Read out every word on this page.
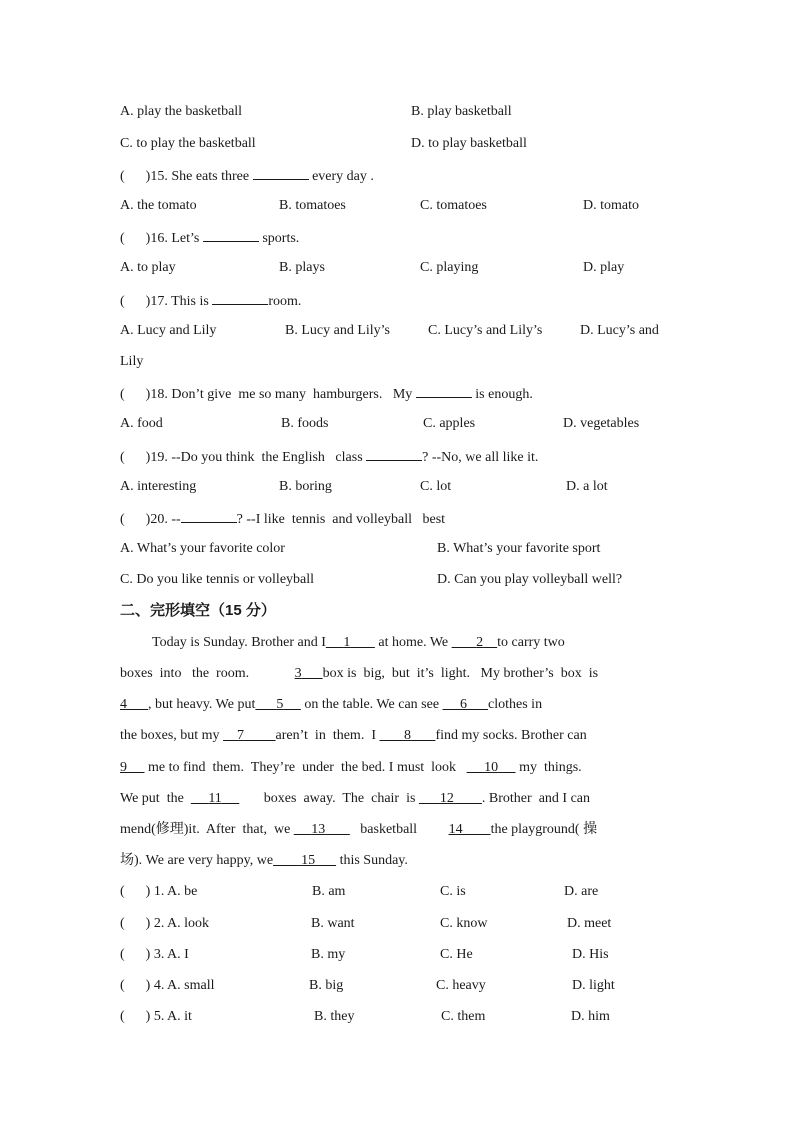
A. play the basketball	B. play basketball
C. to play the basketball	D. to play basketball
(      )15. She eats three	every day .
A. the tomato	B. tomatoes	C. tomatoes	D. tomato
(      )16. Let’s	sports.
A. to play	B. plays	C. playing	D. play
(      )17. This is	room.
A. Lucy and Lily	B. Lucy and Lily’s	C. Lucy’s and Lily’s	D. Lucy’s and
Lily
(      )18. Don’t give  me so many  hamburgers.   My	is enough.
A. food	B. foods	C. apples	D. vegetables
(      )19. --Do you think  the English   class	? --No, we all like it.
A. interesting	B. boring	C. lot	D. a lot
(      )20. --	? --I like  tennis  and volleyball   best
A. What’s your favorite color	B. What’s your favorite sport
C. Do you like tennis or volleyball	D. Can you play volleyball well?
二、完形填空（15 分）
Today is Sunday. Brother and I 1 at home. We 2 to carry two
boxes  into   the  room.	3 box is  big,  but  it’s  light.   My brother’s  box  is
4 , but heavy. We put 5 on the table. We can see 6 clothes in
the boxes, but my 7 aren’t  in  them.  I 8 find my socks. Brother can
9 me to find  them.  They’re  under  the bed. I must  look 10 my  things.
We put  the 11	boxes  away.  The  chair  is 12 . Brother  and I can
mend(修理)it.  After  that,  we 13	basketball 14 the playground( 操
场). We are very happy, we 15 this Sunday.
(      ) 1. A. be	B. am	C. is	D. are
(      ) 2. A. look	B. want	C. know	D. meet
(      ) 3. A. I	B. my	C. He	D. His
(      ) 4. A. small	B. big	C. heavy	D. light
(      ) 5. A. it	B. they	C. them	D. him
